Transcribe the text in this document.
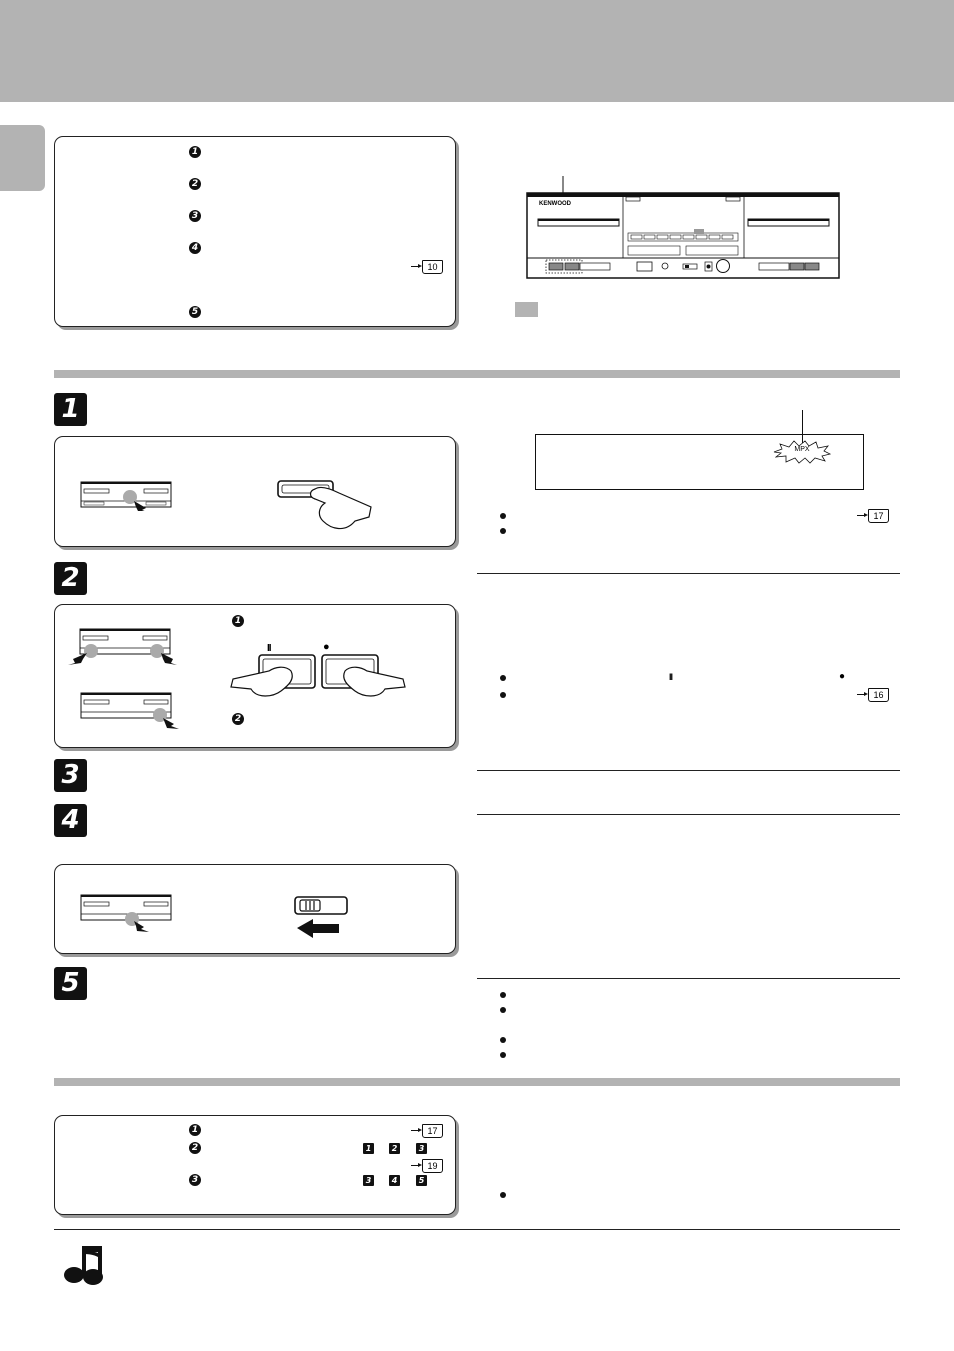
1
2
3
4
5
10
KENWOOD
1
MPX
17
2
1
II	●
2
II	●
16
3
4
5
1
2
3
17
1	2	3
19
3	4	5
